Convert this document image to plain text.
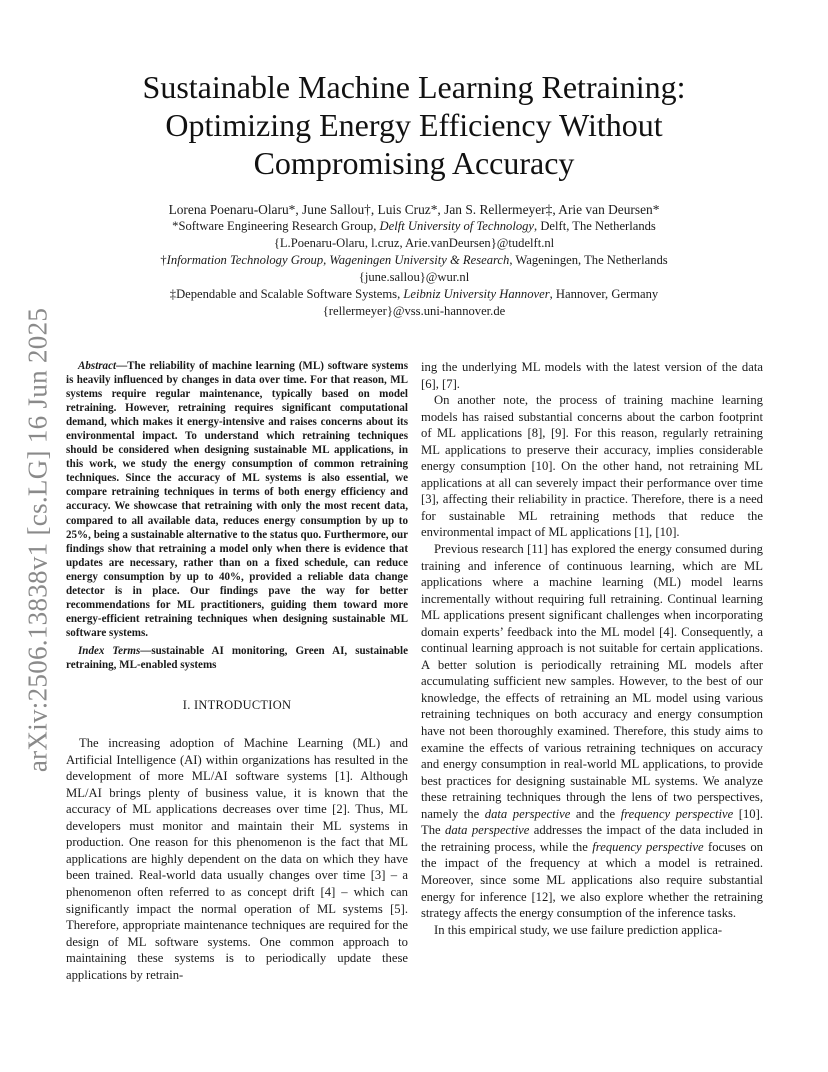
arXiv:2506.13838v1 [cs.LG] 16 Jun 2025
Sustainable Machine Learning Retraining:
Optimizing Energy Efficiency Without
Compromising Accuracy
Lorena Poenaru-Olaru*, June Sallou†, Luis Cruz*, Jan S. Rellermeyer‡, Arie van Deursen*
*Software Engineering Research Group, Delft University of Technology, Delft, The Netherlands
{L.Poenaru-Olaru, l.cruz, Arie.vanDeursen}@tudelft.nl
†Information Technology Group, Wageningen University & Research, Wageningen, The Netherlands
{june.sallou}@wur.nl
‡Dependable and Scalable Software Systems, Leibniz University Hannover, Hannover, Germany
{rellermeyer}@vss.uni-hannover.de

Abstract—The reliability of machine learning (ML) software systems is heavily influenced by changes in data over time. For that reason, ML systems require regular maintenance, typically based on model retraining. However, retraining requires significant computational demand, which makes it energy-intensive and raises concerns about its environmental impact. To understand which retraining techniques should be considered when designing sustainable ML applications, in this work, we study the energy consumption of common retraining techniques. Since the accuracy of ML systems is also essential, we compare retraining techniques in terms of both energy efficiency and accuracy. We showcase that retraining with only the most recent data, compared to all available data, reduces energy consumption by up to 25%, being a sustainable alternative to the status quo. Furthermore, our findings show that retraining a model only when there is evidence that updates are necessary, rather than on a fixed schedule, can reduce energy consumption by up to 40%, provided a reliable data change detector is in place. Our findings pave the way for better recommendations for ML practitioners, guiding them toward more energy-efficient retraining techniques when designing sustainable ML software systems.

Index Terms—sustainable AI monitoring, Green AI, sustainable retraining, ML-enabled systems

I. INTRODUCTION

The increasing adoption of Machine Learning (ML) and Artificial Intelligence (AI) within organizations has resulted in the development of more ML/AI software systems [1]. Although ML/AI brings plenty of business value, it is known that the accuracy of ML applications decreases over time [2]. Thus, ML developers must monitor and maintain their ML systems in production. One reason for this phenomenon is the fact that ML applications are highly dependent on the data on which they have been trained. Real-world data usually changes over time [3] – a phenomenon often referred to as concept drift [4] – which can significantly impact the normal operation of ML systems [5]. Therefore, appropriate maintenance techniques are required for the design of ML software systems. One common approach to maintaining these systems is to periodically update these applications by retrain-

ing the underlying ML models with the latest version of the data [6], [7].

On another note, the process of training machine learning models has raised substantial concerns about the carbon footprint of ML applications [8], [9]. For this reason, regularly retraining ML applications to preserve their accuracy, implies considerable energy consumption [10]. On the other hand, not retraining ML applications at all can severely impact their performance over time [3], affecting their reliability in practice. Therefore, there is a need for sustainable ML retraining methods that reduce the environmental impact of ML applications [1], [10].

Previous research [11] has explored the energy consumed during training and inference of continuous learning, which are ML applications where a machine learning (ML) model learns incrementally without requiring full retraining. Continual learning ML applications present significant challenges when incorporating domain experts’ feedback into the ML model [4]. Consequently, a continual learning approach is not suitable for certain applications. A better solution is periodically retraining ML models after accumulating sufficient new samples. However, to the best of our knowledge, the effects of retraining an ML model using various retraining techniques on both accuracy and energy consumption have not been thoroughly examined. Therefore, this study aims to examine the effects of various retraining techniques on accuracy and energy consumption in real-world ML applications, to provide best practices for designing sustainable ML systems. We analyze these retraining techniques through the lens of two perspectives, namely the data perspective and the frequency perspective [10]. The data perspective addresses the impact of the data included in the retraining process, while the frequency perspective focuses on the impact of the frequency at which a model is retrained. Moreover, since some ML applications also require substantial energy for inference [12], we also explore whether the retraining strategy affects the energy consumption of the inference tasks.

In this empirical study, we use failure prediction applica-
